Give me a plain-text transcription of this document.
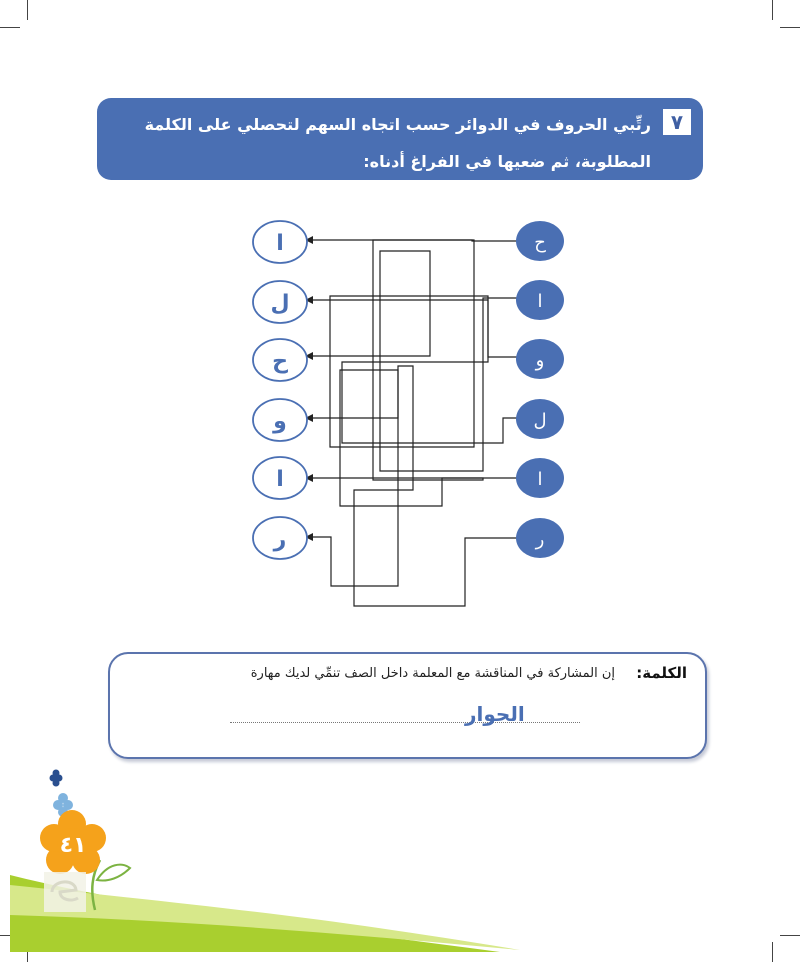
٧
رتِّبي الحروف في الدوائر حسب اتجاه السهم لتحصلي على الكلمة المطلوبة، ثم ضعيها في الفراغ أدناه:
ح
ا
و
ل
ا
ر
ا
ل
ح
و
ا
ر
الكلمة:
إن المشاركة في المناقشة مع المعلمة داخل الصف تنمِّي لديك مهارة
الحوار
٤١
